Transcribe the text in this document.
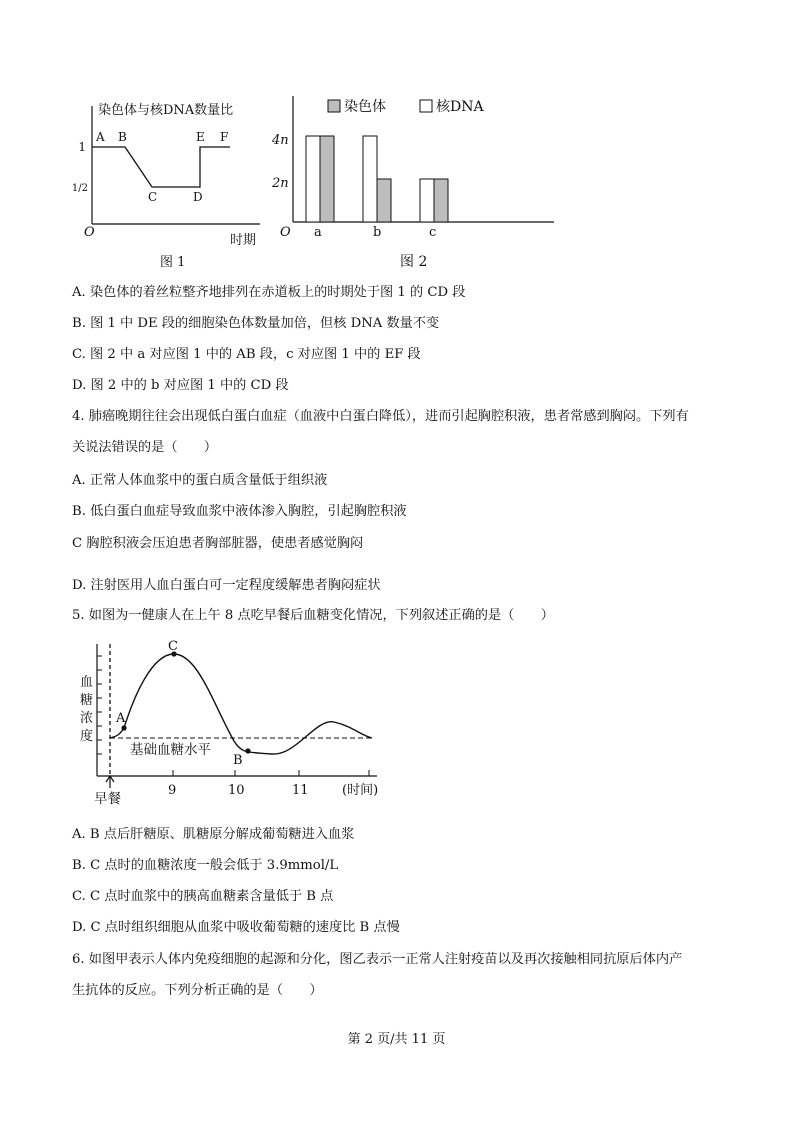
染色体与核DNA数量比
1
1/2
O
时期
A B
C	D
E F
图 1
染色体	核DNA
4n
2n
O a	b	c
图 2
A. 染色体的着丝粒整齐地排列在赤道板上的时期处于图 1 的 CD 段
B. 图 1 中 DE 段的细胞染色体数量加倍，但核 DNA 数量不变
C. 图 2 中 a 对应图 1 中的 AB 段，c 对应图 1 中的 EF 段
D. 图 2 中的 b 对应图 1 中的 CD 段
4. 肺癌晚期往往会出现低白蛋白血症（血液中白蛋白降低），进而引起胸腔积液，患者常感到胸闷。下列有
关说法错误的是（　　）
A. 正常人体血浆中的蛋白质含量低于组织液
B. 低白蛋白血症导致血浆中液体渗入胸腔，引起胸腔积液
C 胸腔积液会压迫患者胸部脏器，使患者感觉胸闷
D. 注射医用人血白蛋白可一定程度缓解患者胸闷症状
5. 如图为一健康人在上午 8 点吃早餐后血糖变化情况，下列叙述正确的是（　　）
血
糖
浓
度
A
B
C
基础血糖水平
早餐
9	10	11	(时间)
A. B 点后肝糖原、肌糖原分解成葡萄糖进入血浆
B. C 点时的血糖浓度一般会低于 3.9mmol/L
C. C 点时血浆中的胰高血糖素含量低于 B 点
D. C 点时组织细胞从血浆中吸收葡萄糖的速度比 B 点慢
6. 如图甲表示人体内免疫细胞的起源和分化，图乙表示一正常人注射疫苗以及再次接触相同抗原后体内产
生抗体的反应。下列分析正确的是（　　）
第 2 页/共 11 页
